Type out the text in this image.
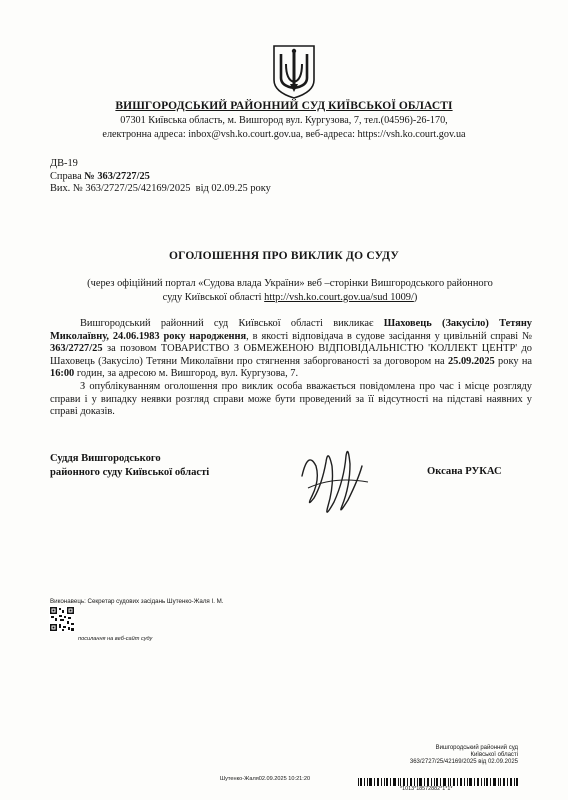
ВИШГОРОДСЬКИЙ РАЙОННИЙ СУД КИЇВСЬКОЇ ОБЛАСТІ
07301 Київська область, м. Вишгород вул. Кургузова, 7, тел.(04596)-26-170,
електронна адреса: inbox@vsh.ko.court.gov.ua, веб-адреса: https://vsh.ko.court.gov.ua
ДВ-19
Справа № 363/2727/25
Вих. № 363/2727/25/42169/2025 від 02.09.25 року
ОГОЛОШЕННЯ ПРО ВИКЛИК ДО СУДУ
(через офіційний портал «Судова влада України» веб –сторінки Вишгородського районного
суду Київської області http://vsh.ko.court.gov.ua/sud 1009/)

Вишгородський районний суд Київської області викликає Шаховець (Закусіло) Тетяну Миколаївну, 24.06.1983 року народження, в якості відповідача в судове засідання у цивільній справі № 363/2727/25 за позовом ТОВАРИСТВО З ОБМЕЖЕНОЮ ВІДПОВІДАЛЬНІСТЮ 'КОЛЛЕКТ ЦЕНТР' до Шаховець (Закусіло) Тетяни Миколаївни про стягнення заборгованості за договором на 25.09.2025 року на 16:00 годин, за адресою м. Вишгород, вул. Кургузова, 7.

З опублікуванням оголошення про виклик особа вважається повідомлена про час і місце розгляду справи і у випадку неявки розгляд справи може бути проведений за її відсутності на підставі наявних у справі доказів.

Суддя Вишгородського
районного суду Київської області	Оксана РУКАС
Виконавець: Секретар судових засідань Шутенко-Жаля І. М.
посилання на веб-сайт суду
Вишгородський районний суд
Київської області
363/2727/25/42169/2025 від 02.09.2025
Шутенко-Жаля02.09.2025 10:21:20
*1013*18572882*1*1*
